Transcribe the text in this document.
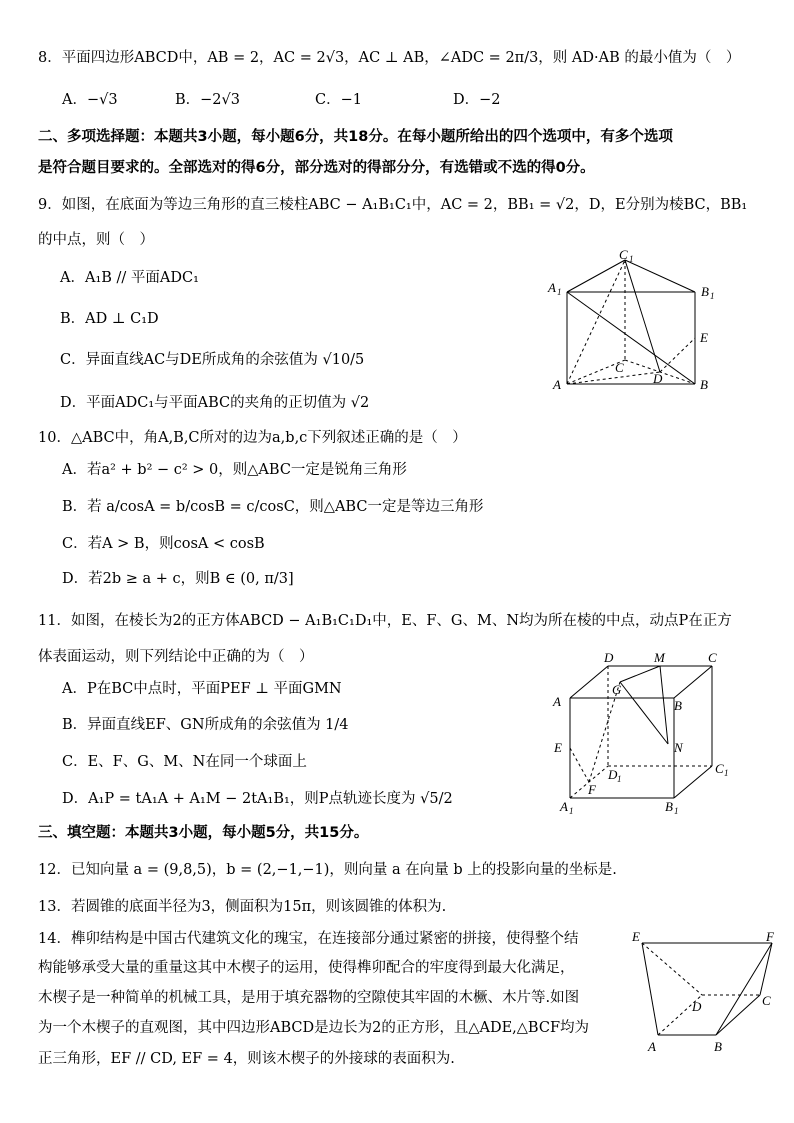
8．平面四边形ABCD中，AB = 2，AC = 2√3，AC ⊥ AB，∠ADC = 2π/3，则 AD·AB 的最小值为（　）
A．−√3	B．−2√3	C．−1	D．−2
二、多项选择题：本题共3小题，每小题6分，共18分。在每小题所给出的四个选项中，有多个选项
是符合题目要求的。全部选对的得6分，部分选对的得部分分，有选错或不选的得0分。
9．如图，在底面为等边三角形的直三棱柱ABC − A₁B₁C₁中，AC = 2，BB₁ = √2，D，E分别为棱BC，BB₁
的中点，则（　）
A．A₁B // 平面ADC₁
B．AD ⊥ C₁D
C．异面直线AC与DE所成角的余弦值为 √10/5
D．平面ADC₁与平面ABC的夹角的正切值为 √2
C 1
A 1	B 1
E
C
D
A	B
10．△ABC中，角A,B,C所对的边为a,b,c下列叙述正确的是（　）
A．若a² + b² − c² > 0，则△ABC一定是锐角三角形
B．若 a/cosA = b/cosB = c/cosC，则△ABC一定是等边三角形
C．若A > B，则cosA < cosB
D．若2b ≥ a + c，则B ∈ (0, π/3]
11．如图，在棱长为2的正方体ABCD − A₁B₁C₁D₁中，E、F、G、M、N均为所在棱的中点，动点P在正方
体表面运动，则下列结论中正确的为（　）
A．P在BC中点时，平面PEF ⊥ 平面GMN
B．异面直线EF、GN所成角的余弦值为 1/4
C．E、F、G、M、N在同一个球面上
D．A₁P = tA₁A + A₁M − 2tA₁B₁，则P点轨迹长度为 √5/2
D	M	C
A
G
B
N
E
D 1
C 1
F
A 1	B 1
三、填空题：本题共3小题，每小题5分，共15分。
12．已知向量 a = (9,8,5)，b = (2,−1,−1)，则向量 a 在向量 b 上的投影向量的坐标是.
13．若圆锥的底面半径为3，侧面积为15π，则该圆锥的体积为.
14．榫卯结构是中国古代建筑文化的瑰宝，在连接部分通过紧密的拼接，使得整个结
构能够承受大量的重量这其中木楔子的运用，使得榫卯配合的牢度得到最大化满足，
木楔子是一种简单的机械工具，是用于填充器物的空隙使其牢固的木橛、木片等.如图
为一个木楔子的直观图，其中四边形ABCD是边长为2的正方形，且△ADE,△BCF均为
正三角形，EF // CD, EF = 4，则该木楔子的外接球的表面积为.
E	F
D	C
A	B
